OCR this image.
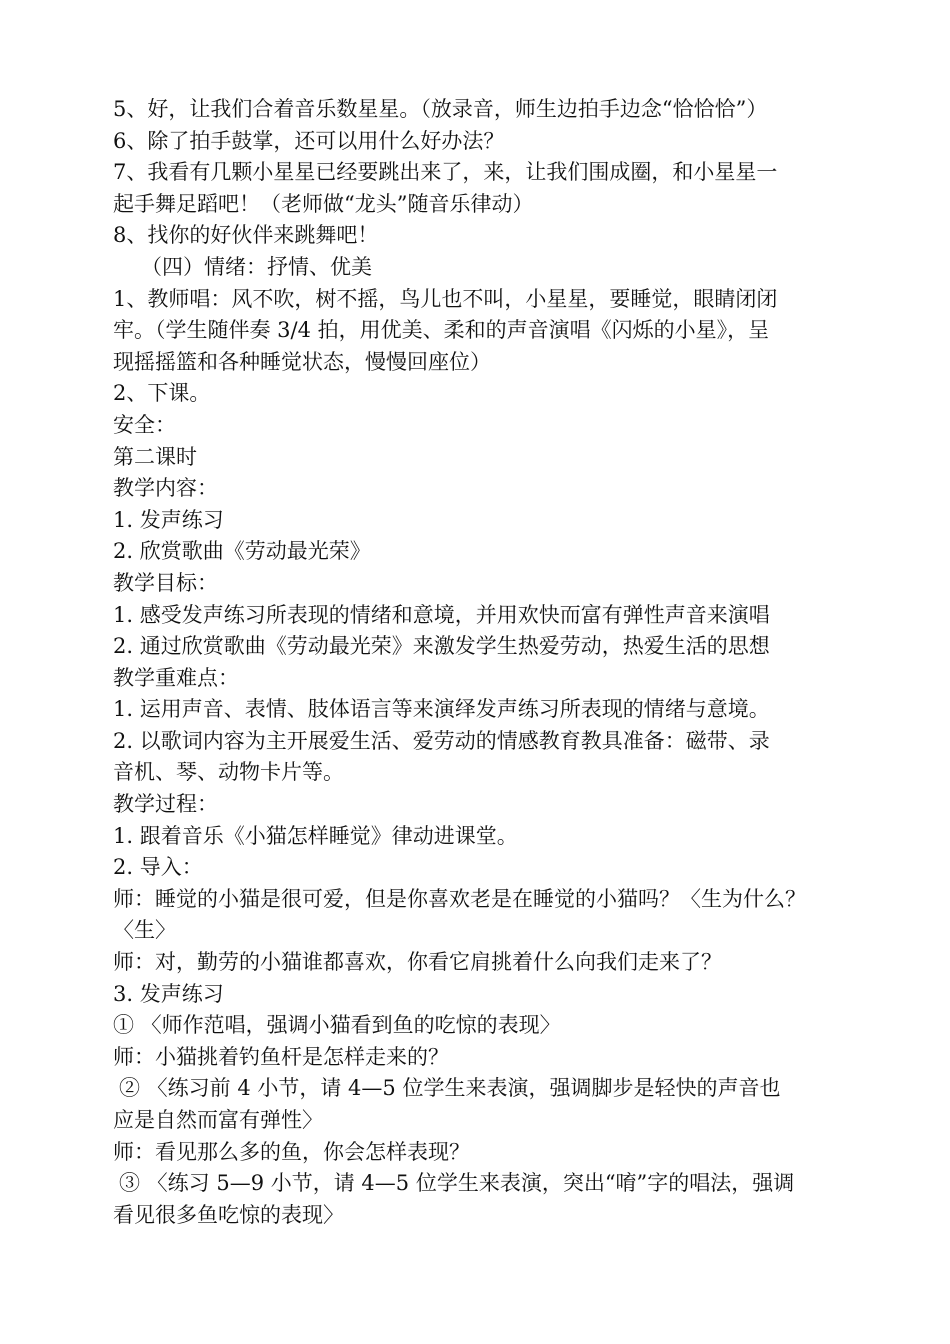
5、好，让我们合着音乐数星星。（放录音，师生边拍手边念“恰恰恰”）
6、除了拍手鼓掌，还可以用什么好办法？
7、我看有几颗小星星已经要跳出来了，来，让我们围成圈，和小星星一
起手舞足蹈吧！（老师做“龙头”随音乐律动）
8、找你的好伙伴来跳舞吧！
（四）情绪：抒情、优美
1、教师唱：风不吹，树不摇，鸟儿也不叫，小星星，要睡觉，眼睛闭闭
牢。（学生随伴奏 3/4 拍，用优美、柔和的声音演唱《闪烁的小星》，呈
现摇摇篮和各种睡觉状态，慢慢回座位）
2、下课。
安全：
第二课时
教学内容：
1. 发声练习
2. 欣赏歌曲《劳动最光荣》
教学目标：
1. 感受发声练习所表现的情绪和意境，并用欢快而富有弹性声音来演唱
2. 通过欣赏歌曲《劳动最光荣》来激发学生热爱劳动，热爱生活的思想
教学重难点：
1. 运用声音、表情、肢体语言等来演绎发声练习所表现的情绪与意境。
2. 以歌词内容为主开展爱生活、爱劳动的情感教育教具准备：磁带、录
音机、琴、动物卡片等。
教学过程：
1. 跟着音乐《小猫怎样睡觉》律动进课堂。
2. 导入：
师：睡觉的小猫是很可爱，但是你喜欢老是在睡觉的小猫吗？〈生为什么？
〈生〉
师：对，勤劳的小猫谁都喜欢，你看它肩挑着什么向我们走来了？
3. 发声练习
① 〈师作范唱，强调小猫看到鱼的吃惊的表现〉
师：小猫挑着钓鱼杆是怎样走来的？
② 〈练习前 4 小节，请 4—5 位学生来表演，强调脚步是轻快的声音也
应是自然而富有弹性〉
师：看见那么多的鱼，你会怎样表现？
③ 〈练习 5—9 小节，请 4—5 位学生来表演，突出“唷”字的唱法，强调
看见很多鱼吃惊的表现〉
